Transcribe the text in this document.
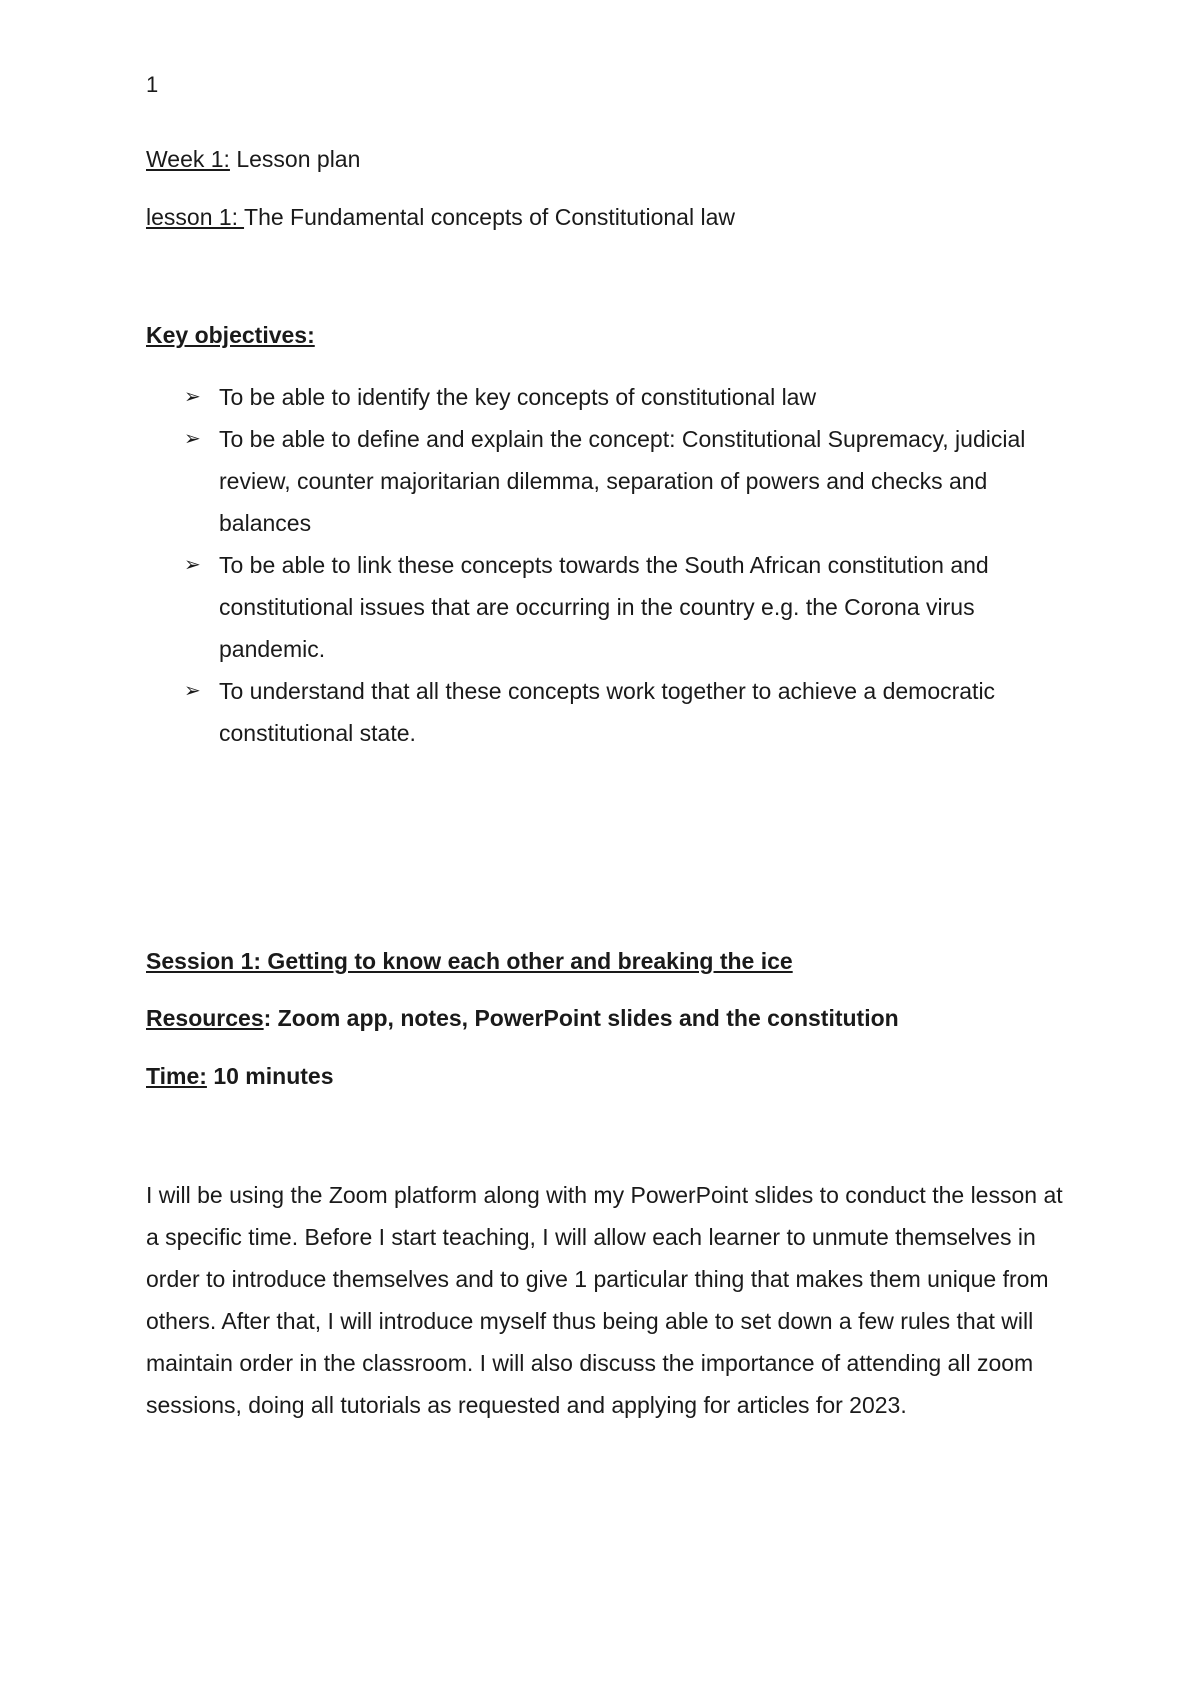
1
Week 1: Lesson plan
lesson 1: The Fundamental concepts of Constitutional law
Key objectives:
➢ To be able to identify the key concepts of constitutional law
➢ To be able to define and explain the concept: Constitutional Supremacy, judicial review, counter majoritarian dilemma, separation of powers and checks and balances
➢ To be able to link these concepts towards the South African constitution and constitutional issues that are occurring in the country e.g. the Corona virus pandemic.
➢ To understand that all these concepts work together to achieve a democratic constitutional state.
Session 1: Getting to know each other and breaking the ice
Resources: Zoom app, notes, PowerPoint slides and the constitution
Time: 10 minutes

I will be using the Zoom platform along with my PowerPoint slides to conduct the lesson at a specific time. Before I start teaching, I will allow each learner to unmute themselves in order to introduce themselves and to give 1 particular thing that makes them unique from others. After that, I will introduce myself thus being able to set down a few rules that will maintain order in the classroom. I will also discuss the importance of attending all zoom sessions, doing all tutorials as requested and applying for articles for 2023.
